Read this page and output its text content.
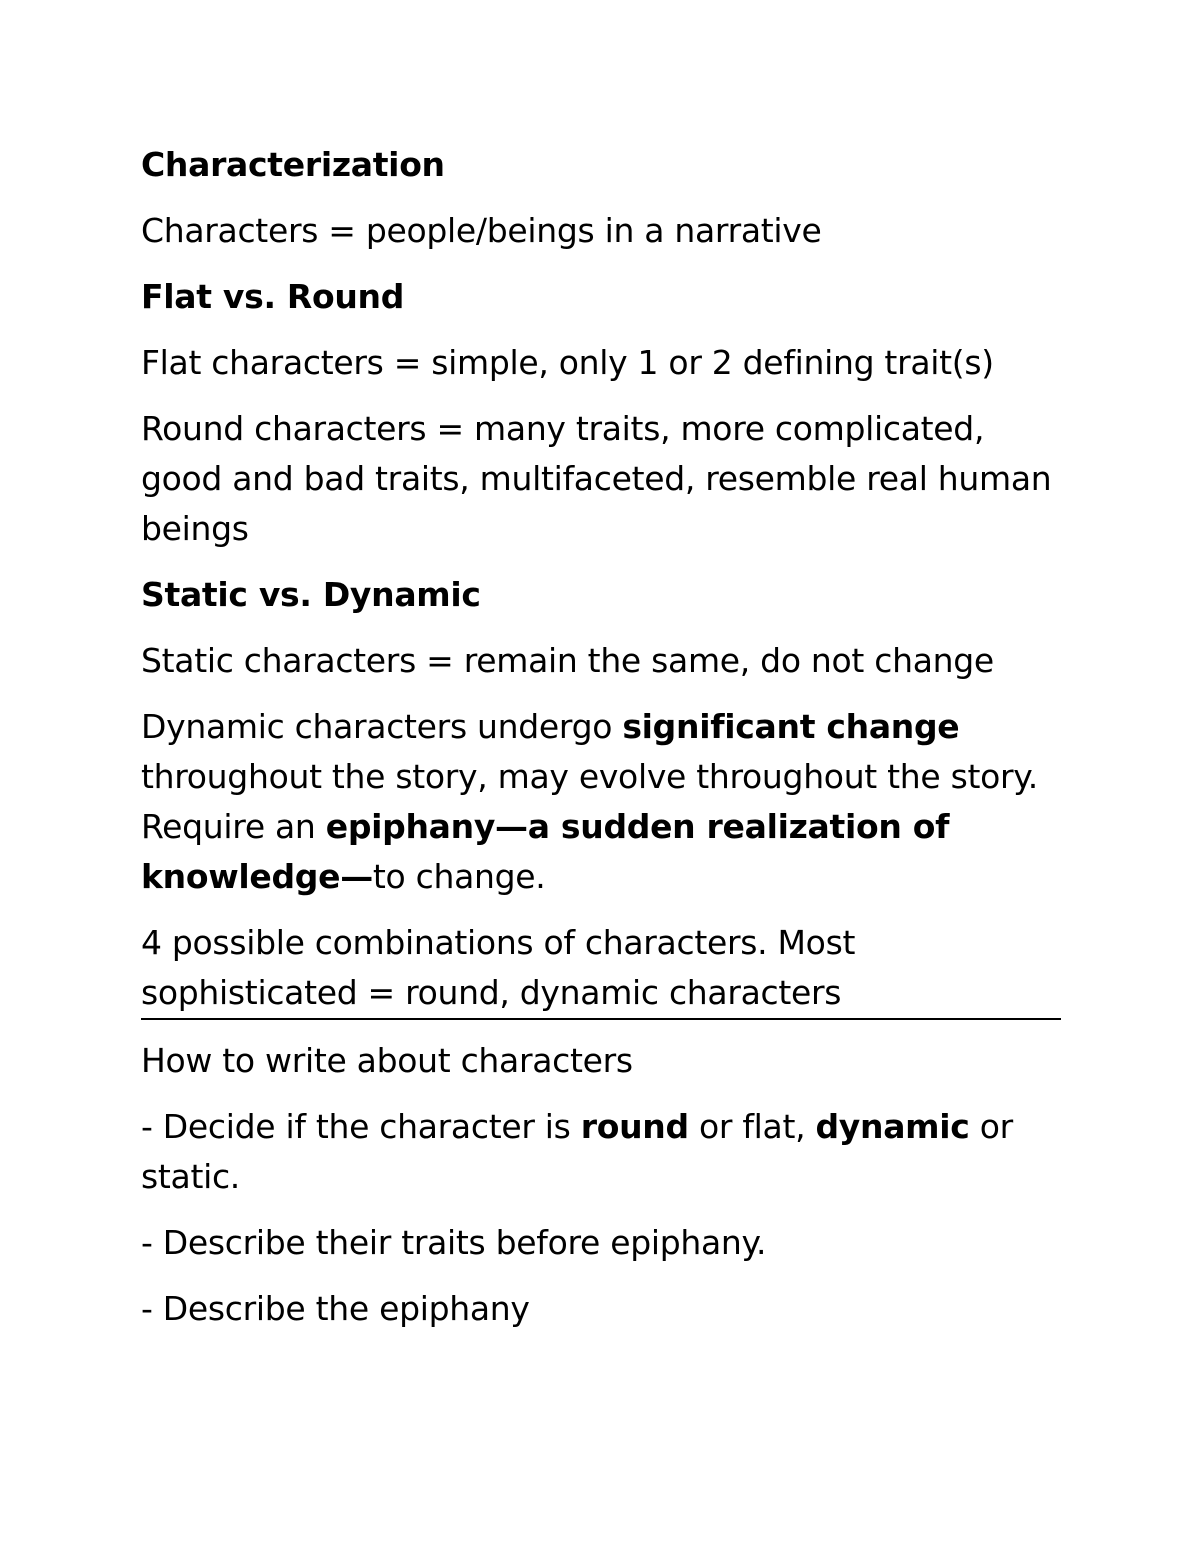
Characterization
Characters = people/beings in a narrative
Flat vs. Round
Flat characters = simple, only 1 or 2 defining trait(s)
Round characters = many traits, more complicated, good and bad traits, multifaceted, resemble real human beings
Static vs. Dynamic
Static characters = remain the same, do not change
Dynamic characters undergo significant change throughout the story, may evolve throughout the story. Require an epiphany—a sudden realization of knowledge—to change.
4 possible combinations of characters. Most sophisticated = round, dynamic characters
How to write about characters
- Decide if the character is round or flat, dynamic or static.
- Describe their traits before epiphany.
- Describe the epiphany
